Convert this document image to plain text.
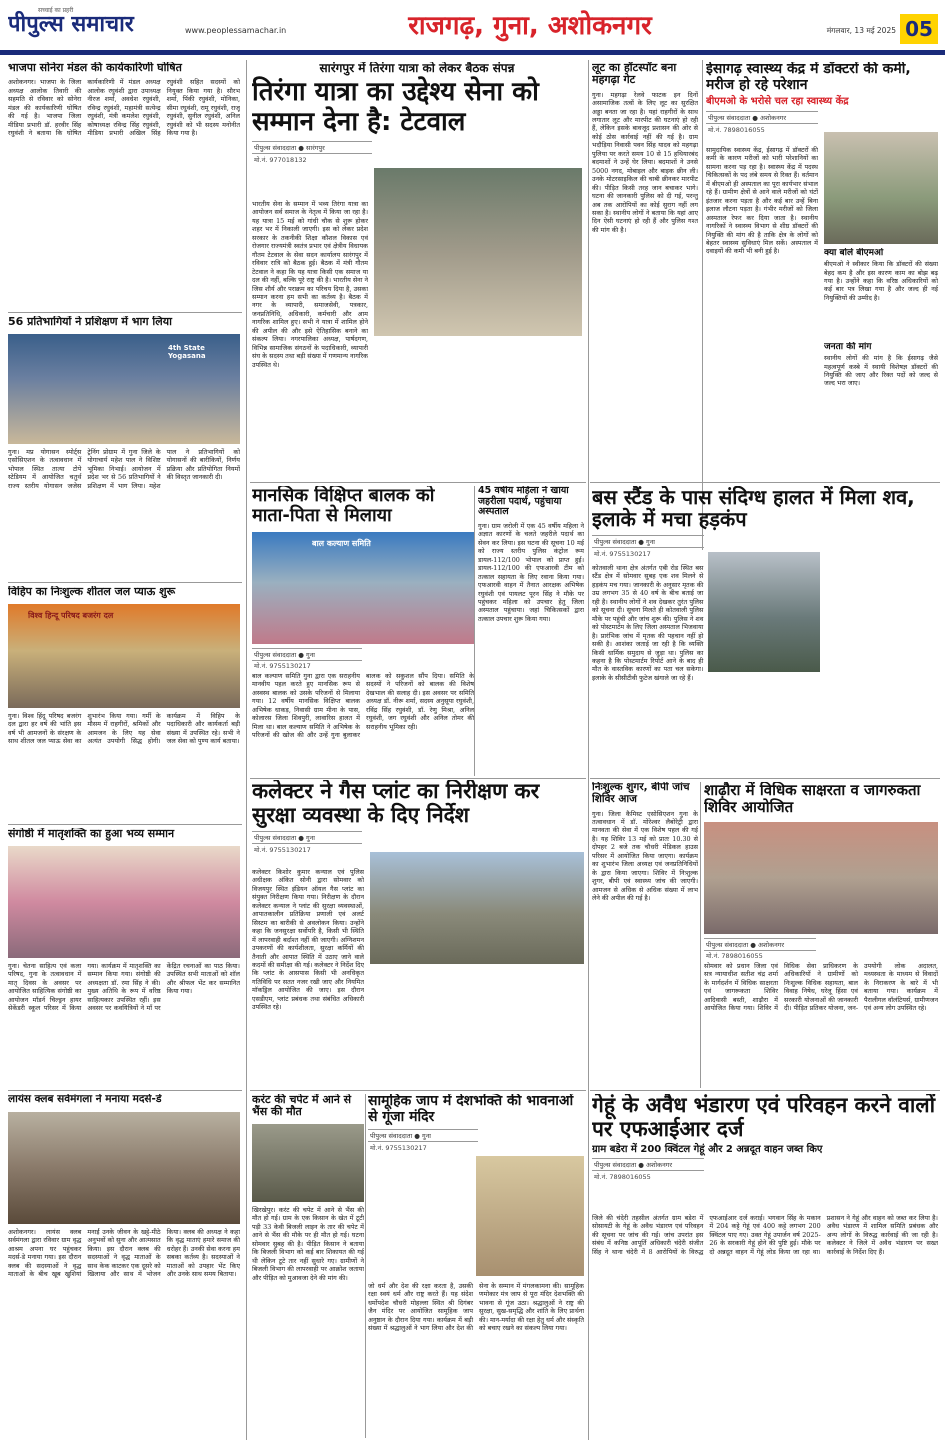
सच्चाई का प्रहरी
पीपुल्स समाचार	www.peoplessamachar.in	राजगढ़, गुना, अशोकनगर	मंगलवार, 13 मई 2025 05
भाजपा सोनेरा मंडल की कार्यकारिणी घोषित
अशोकनगर। भाजपा के जिला अध्यक्ष आलोक तिवारी की सहमति से रविवार को सोनेरा मंडल की कार्यकारिणी घोषित की गई है। भाजपा जिला मीडिया प्रभारी डॉ. हरवीर सिंह रघुवंशी ने बताया कि घोषित कार्यकारिणी में मंडल अध्यक्ष आलोक रघुवंशी द्वारा उपाध्यक्ष नीरज शर्मा, अवधेश रघुवंशी, रविन्द्र रघुवंशी, महामंत्री सत्येन्द्र रघुवंशी, मंत्री कमलेश रघुवंशी, कोषाध्यक्ष रविन्द्र सिंह रघुवंशी, मीडिया प्रभारी अखिल सिंह रघुवंशी सहित सदस्यों को नियुक्त किया गया है। सौरभ शर्मा, पिंकी रघुवंशी, मोनिका, सीमा रघुवंशी, रामू रघुवंशी, राजू रघुवंशी, सुनील रघुवंशी, अनिल रघुवंशी को भी सदस्य मनोनीत किया गया है।
56 प्रतिभागियों ने प्रशिक्षण में भाग लिया
4th State Yogasana
गुना। मप्र योगासन स्पोर्ट्स एसोसिएशन के तत्वावधान में भोपाल स्थित तात्या टोपे स्टेडियम में आयोजित चतुर्थ राज्य स्तरीय योगासन जजेस ट्रेनिंग प्रोग्राम में गुना जिले के योगाचार्य महेश पाल ने विशिष्ट भूमिका निभाई। आयोजन में प्रदेश भर से 56 प्रतिभागियों ने प्रशिक्षण में भाग लिया। महेश पाल ने प्रतिभागियों को योगासनों की बारीकियों, निर्णय प्रक्रिया और प्रतियोगिता नियमों की विस्तृत जानकारी दी।
विहिप का निःशुल्क शीतल जल प्याऊ शुरू
विश्व हिन्दू परिषद बजरंग दल
गुना। विश्व हिंदू परिषद बजरंग दल द्वारा हर वर्ष की भांति इस वर्ष भी आमजनों के संरक्षण के साथ शीतल जल प्याऊ सेवा का शुभारंभ किया गया। गर्मी के मौसम में राहगीरों, श्रमिकों और आमजन के लिए यह सेवा अत्यंत उपयोगी सिद्ध होगी। कार्यक्रम में विहिप के पदाधिकारी और कार्यकर्ता बड़ी संख्या में उपस्थित रहे। सभी ने जल सेवा को पुण्य कार्य बताया।
संगोष्ठी में मातृशक्ति का हुआ भव्य सम्मान
गुना। चेतना साहित्य एवं कला परिषद, गुना के तत्वावधान में मातृ दिवस के अवसर पर आयोजित साहित्यिक संगोष्ठी का आयोजन मॉडर्न चिल्ड्रन हायर सेकेंडरी स्कूल परिसर में किया गया। कार्यक्रम में मातृशक्ति का सम्मान किया गया। संगोष्ठी की अध्यक्षता डॉ. रमा सिंह ने की। मुख्य अतिथि के रूप में वरिष्ठ साहित्यकार उपस्थित रहीं। इस अवसर पर कवयित्रियों ने माँ पर केंद्रित रचनाओं का पाठ किया। उपस्थित सभी माताओं को शॉल और श्रीफल भेंट कर सम्मानित किया गया।
लायंस क्लब सर्वमंगला ने मनाया मदर्स-डे
अशोकनगर। लायंस क्लब सर्वमंगला द्वारा रविवार ग्राम वृद्ध आश्रम अपना घर पहुंचकर मदर्स-डे मनाया गया। इस दौरान क्लब की सदस्याओं ने वृद्ध माताओं के बीच खूब खुशियां मनाईं उनके जीवन के खट्टे-मीठे अनुभवों को सुना और आत्मसात किया। इस दौरान क्लब की सदस्याओं ने वृद्ध माताओं के साथ केक काटकर एक दूसरे को खिलाया और साथ में भोजन किया। क्लब की अध्यक्ष ने कहा कि वृद्ध माताएं हमारे समाज की धरोहर हैं। उनकी सेवा करना हम सबका कर्तव्य है। सदस्याओं ने माताओं को उपहार भेंट किए और उनके साथ समय बिताया।
सारंगपुर में तिरंगा यात्रा को लेकर बैठक संपन्न
तिरंगा यात्रा का उद्देश्य सेना को सम्मान देना है: टेटवाल
पीपुल्स संवाददाता ● सारंगपुर
मो.नं. 977018132
भारतीय सेना के सम्मान में भव्य तिरंगा यात्रा का आयोजन सर्व समाज के नेतृत्व में किया जा रहा है। यह यात्रा 15 मई को गांधी चौक से शुरू होकर शहर भर में निकाली जाएगी। इस को लेकर प्रदेश सरकार के तकनीकी शिक्षा कौशल विकास एवं रोजगार राज्यमंत्री स्वतंत्र प्रभार एवं क्षेत्रीय विधायक गौतम टेटवाल के सेवा सदन कार्यालय सारंगपुर में रविवार रात्रि को बैठक हुई। बैठक में मंत्री गौतम टेटवाल ने कहा कि यह यात्रा किसी एक समाज या दल की नहीं, बल्कि पूरे राष्ट्र की है। भारतीय सेना ने जिस शौर्य और पराक्रम का परिचय दिया है, उसका सम्मान करना हम सभी का कर्तव्य है। बैठक में नगर के व्यापारी, समाजसेवी, पत्रकार, जनप्रतिनिधि, अधिकारी, कर्मचारी और आम नागरिक शामिल हुए। सभी ने यात्रा में शामिल होने की अपील की और इसे ऐतिहासिक बनाने का संकल्प लिया। नगरपालिका अध्यक्ष, पार्षदगण, विभिन्न सामाजिक संगठनों के पदाधिकारी, व्यापारी संघ के सदस्य तथा बड़ी संख्या में गणमान्य नागरिक उपस्थित थे।
मानसिक विक्षिप्त बालक को माता-पिता से मिलाया
बाल कल्याण समिति
पीपुल्स संवाददाता ● गुना
मो.नं. 9755130217
बाल कल्याण समिति गुना द्वारा एक सराहनीय मानवीय पहल करते हुए मानसिक रूप से अस्वस्थ बालक को उसके परिजनों से मिलाया गया। 12 वर्षीय मानसिक विक्षिप्त बालक अभिषेक धाकड़, निवासी ग्राम मीना के पास, कोलारस जिला शिवपुरी, लावारिस हालत में मिला था। बाल कल्याण समिति ने अभिषेक के परिजनों की खोज की और उन्हें गुना बुलाकर बालक को सकुशल सौंप दिया। समिति के सदस्यों ने परिजनों को बालक की विशेष देखभाल की सलाह दी। इस अवसर पर समिति अध्यक्ष डॉ. नीरू शर्मा, सदस्य अनुसूया रघुवंशी, रविंद्र सिंह रघुवंशी, डॉ. रेणु मिश्रा, अनिल रघुवंशी, जग रघुवंशी और अनिल तोमर की सराहनीय भूमिका रही।
45 वर्षीय महिला ने खाया जहरीला पदार्थ, पहुंचाया अस्पताल
गुना। ग्राम जरोली में एक 45 वर्षीय महिला ने अज्ञात कारणों के चलते जहरीले पदार्थ का सेवन कर लिया। इस घटना की सूचना 10 मई को राज्य स्तरीय पुलिस कंट्रोल रूम डायल-112/100 भोपाल को प्राप्त हुई। डायल-112/100 की एफआरवी टीम को तत्काल सहायता के लिए रवाना किया गया। एफआरवी वाहन में तैनात आरक्षक अभिषेक रघुवंशी एवं पायलट पूरन सिंह ने मौके पर पहुंचकर महिला को उपचार हेतु जिला अस्पताल पहुंचाया। जहां चिकित्सकों द्वारा तत्काल उपचार शुरू किया गया।
कलेक्टर ने गैस प्लांट का निरीक्षण कर सुरक्षा व्यवस्था के दिए निर्देश
पीपुल्स संवाददाता ● गुना
मो.नं. 9755130217
कलेक्टर किशोर कुमार कन्याल एवं पुलिस अधीक्षक अंकित सोनी द्वारा सोमवार को विजयपुर स्थित इंडियन ऑयल गैस प्लांट का संयुक्त निरीक्षण किया गया। निरीक्षण के दौरान कलेक्टर कन्याल ने प्लांट की सुरक्षा व्यवस्थाओं, आपातकालीन प्रतिक्रिया प्रणाली एवं अलर्ट सिस्टम का बारीकी से अवलोकन किया। उन्होंने कहा कि जनसुरक्षा सर्वोपरि है, किसी भी स्थिति में लापरवाही बर्दाश्त नहीं की जाएगी। अग्निशमन उपकरणों की कार्यशीलता, सुरक्षा कर्मियों की तैनाती और आपात स्थिति में उठाए जाने वाले कदमों की समीक्षा की गई। कलेक्टर ने निर्देश दिए कि प्लांट के आसपास किसी भी अनधिकृत गतिविधि पर सतत नजर रखी जाए और नियमित मॉकड्रिल आयोजित की जाए। इस दौरान एसडीएम, प्लांट प्रबंधक तथा संबंधित अधिकारी उपस्थित रहे।
करंट की चपेट में आने से भैंस की मौत
खिरखेपुर। करंट की चपेट में आने से भैंस की मौत हो गई। ग्राम के एक किसान के खेत में टूटी पड़ी 33 केवी बिजली लाइन के तार की चपेट में आने से भैंस की मौके पर ही मौत हो गई। घटना सोमवार सुबह की है। पीड़ित किसान ने बताया कि बिजली विभाग को कई बार शिकायत की गई थी लेकिन टूटे तार नहीं सुधारे गए। ग्रामीणों ने बिजली विभाग की लापरवाही पर आक्रोश जताया और पीड़ित को मुआवजा देने की मांग की।
सामूहिक जाप में देशभक्ति की भावनाओं से गूंजा मंदिर
पीपुल्स संवाददाता ● गुना
मो.नं. 9755130217
जो धर्म और देश की रक्षा करता है, उसकी रक्षा स्वयं धर्म और राष्ट्र करते हैं। यह संदेश धर्मोपदेश चौधरी मोहल्ला स्थित श्री दिगंबर जैन मंदिर पर आयोजित सामूहिक जाप अनुष्ठान के दौरान दिया गया। कार्यक्रम में बड़ी संख्या में श्रद्धालुओं ने भाग लिया और देश की सेना के सम्मान में मंगलकामना की। सामूहिक णमोकार मंत्र जाप से पूरा मंदिर देशभक्ति की भावना से गूंज उठा। श्रद्धालुओं ने राष्ट्र की सुरक्षा, सुख-समृद्धि और शांति के लिए प्रार्थना की। मान-मर्यादा की रक्षा हेतु धर्म और संस्कृति को बचाए रखने का संकल्प लिया गया।
लूट का हॉटस्पॉट बना महगढ़ा गेट
गुना। महगढ़ा रेलवे फाटक इन दिनों असामाजिक तत्वों के लिए लूट का सुरक्षित अड्डा बनता जा रहा है। यहां राहगीरों के साथ लगातार लूट और मारपीट की घटनाएं हो रही हैं, लेकिन इसके बावजूद प्रशासन की ओर से कोई ठोस कार्रवाई नहीं की गई है। ग्राम भदौड़िया निवासी पवन सिंह यादव को महगढ़ा पुलिया पर करते समय 10 से 15 हथियारबंद बदमाशों ने उन्हें घेर लिया। बदमाशों ने उनसे 5000 नगद, मोबाइल और बाइक छीन ली। उनके मोटरसाइकिल की चाबी छीनकर मारपीट की। पीड़ित किसी तरह जान बचाकर भागे। घटना की जानकारी पुलिस को दी गई, परन्तु अब तक आरोपियों का कोई सुराग नहीं लग सका है। स्थानीय लोगों ने बताया कि यहां आए दिन ऐसी घटनाएं हो रही हैं और पुलिस गश्त की मांग की है।
ईसागढ़ स्वास्थ्य केंद्र में डॉक्टरों की कमी, मरीज हो रहे परेशान
बीएमओ के भरोसे चल रहा स्वास्थ्य केंद्र
पीपुल्स संवाददाता ● अशोकनगर
मो.नं. 7898016055
सामुदायिक स्वास्थ्य केंद्र, ईसागढ़ में डॉक्टरों की कमी के कारण मरीजों को भारी परेशानियों का सामना करना पड़ रहा है। स्वास्थ्य केंद्र में पदस्थ चिकित्सकों के पद लंबे समय से रिक्त हैं। वर्तमान में बीएमओ ही अस्पताल का पूरा कार्यभार संभाल रहे हैं। ग्रामीण क्षेत्रों से आने वाले मरीजों को घंटों इंतजार करना पड़ता है और कई बार उन्हें बिना इलाज लौटना पड़ता है। गंभीर मरीजों को जिला अस्पताल रेफर कर दिया जाता है। स्थानीय नागरिकों ने स्वास्थ्य विभाग से शीघ्र डॉक्टरों की नियुक्ति की मांग की है ताकि क्षेत्र के लोगों को बेहतर स्वास्थ्य सुविधाएं मिल सकें। अस्पताल में दवाइयों की कमी भी बनी हुई है।	क्या बोले बीएमओ
बीएमओ ने स्वीकार किया कि डॉक्टरों की संख्या बेहद कम है और इस कारण काम का बोझ बढ़ गया है। उन्होंने कहा कि वरिष्ठ अधिकारियों को कई बार पत्र लिखा गया है और जल्द ही नई नियुक्तियों की उम्मीद है।
जनता की मांग
स्थानीय लोगों की मांग है कि ईसागढ़ जैसे महत्वपूर्ण कस्बे में स्थायी विशेषज्ञ डॉक्टरों की नियुक्ति की जाए और रिक्त पदों को जल्द से जल्द भरा जाए।
बस स्टैंड के पास संदिग्ध हालत में मिला शव, इलाके में मचा हड़कंप
पीपुल्स संवाददाता ● गुना
मो.नं. 9755130217
कोतवाली थाना क्षेत्र अंतर्गत एबी रोड स्थित बस स्टैंड क्षेत्र में सोमवार सुबह एक शव मिलने से हड़कंप मच गया। जानकारी के अनुसार मृतक की उम्र लगभग 35 से 40 वर्ष के बीच बताई जा रही है। स्थानीय लोगों ने शव देखकर तुरंत पुलिस को सूचना दी। सूचना मिलते ही कोतवाली पुलिस मौके पर पहुंची और जांच शुरू की। पुलिस ने शव को पोस्टमार्टम के लिए जिला अस्पताल भिजवाया है। प्रारंभिक जांच में मृतक की पहचान नहीं हो सकी है। आशंका जताई जा रही है कि व्यक्ति किसी धार्मिक समुदाय से जुड़ा था। पुलिस का कहना है कि पोस्टमार्टम रिपोर्ट आने के बाद ही मौत के वास्तविक कारणों का पता चल सकेगा। इलाके के सीसीटीवी फुटेज खंगाले जा रहे हैं।
निःशुल्क शुगर, बीपी जांच शिविर आज
गुना। जिला कैमिस्ट एसोसिएशन गुना के तत्वावधान में डॉ. मोरेश्वर लैबोरेट्री द्वारा मानवता की सेवा में एक विशेष पहल की गई है। यह शिविर 13 मई को प्रातः 10.30 से दोपहर 2 बजे तक चौधरी मेडिकल हाउस परिसर में आयोजित किया जाएगा। कार्यक्रम का शुभारंभ जिला अध्यक्ष एवं जनप्रतिनिधियों के द्वारा किया जाएगा। शिविर में निःशुल्क शुगर, बीपी एवं स्वास्थ्य जांच की जाएगी। आमजन से अधिक से अधिक संख्या में लाभ लेने की अपील की गई है।
शाढ़ौरा में विधिक साक्षरता व जागरुकता शिविर आयोजित
पीपुल्स संवाददाता ● अशोकनगर
मो.नं. 7898016055
सोमवार को प्रधान जिला एवं सत्र न्यायाधीश सतीश चंद्र शर्मा के मार्गदर्शन में विधिक साक्षरता एवं जागरूकता शिविर आदिवासी बस्ती, शाढ़ौरा में आयोजित किया गया। शिविर में विधिक सेवा प्राधिकरण के अधिकारियों ने ग्रामीणों को निःशुल्क विधिक सहायता, बाल विवाह निषेध, घरेलू हिंसा एवं सरकारी योजनाओं की जानकारी दी। पीड़ित प्रतिकर योजना, जन-उपयोगी लोक अदालत, मध्यस्थता के माध्यम से विवादों के निराकरण के बारे में भी बताया गया। कार्यक्रम में पैरालीगल वॉलंटियर्स, ग्रामीणजन एवं अन्य लोग उपस्थित रहे।
गेहूं के अवैध भंडारण एवं परिवहन करने वालों पर एफआईआर दर्ज
ग्राम बडेरा में 200 क्विंटल गेहूं और 2 अन्नदूत वाहन जब्त किए
पीपुल्स संवाददाता ● अशोकनगर
मो.नं. 7898016055
जिले की चंदेरी तहसील अंतर्गत ग्राम बडेरा में सोसायटी के गेहूं के अवैध भंडारण एवं परिवहन की सूचना पर जांच की गई। जांच उपरांत इस संबंध में कनिष्ठ आपूर्ति अधिकारी चंदेरी संजीत सिंह ने थाना चंदेरी में 8 आरोपियों के विरुद्ध एफआईआर दर्ज कराई। भगवान सिंह के मकान में 204 कट्टे गेहूं एवं 400 कट्टे लगभग 200 क्विंटल पाए गए। उक्त गेहूं उपार्जन वर्ष 2025-26 के सरकारी गेहूं होने की पुष्टि हुई। मौके पर दो अन्नदूत वाहन में गेहूं लोड किया जा रहा था। प्रशासन ने गेहूं और वाहन को जब्त कर लिया है। अवैध भंडारण में शामिल समिति प्रबंधक और अन्य लोगों के विरुद्ध कार्रवाई की जा रही है। कलेक्टर ने जिले में अवैध भंडारण पर सख्त कार्रवाई के निर्देश दिए हैं।
